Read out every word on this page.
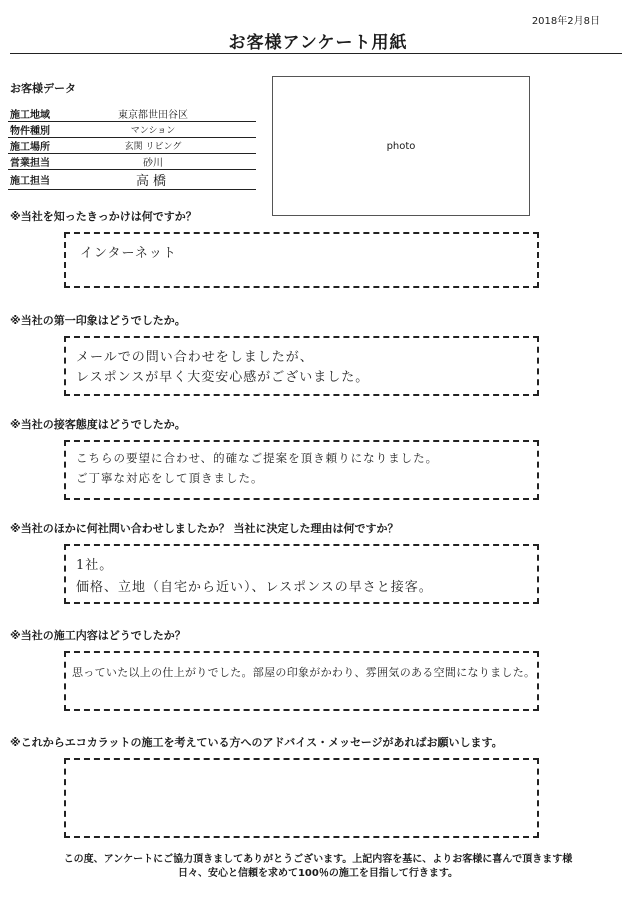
2018年2月8日
お客様アンケート用紙
お客様データ
施工地域	東京都世田谷区
物件種別	マンション
施工場所	玄関 リビング
営業担当	砂川
施工担当	高橋
photo
※当社を知ったきっかけは何ですか？
インターネット
※当社の第一印象はどうでしたか。
メールでの問い合わせをしましたが、
レスポンスが早く大変安心感がございました。
※当社の接客態度はどうでしたか。
こちらの要望に合わせ、的確なご提案を頂き頼りになりました。
ご丁寧な対応をして頂きました。
※当社のほかに何社問い合わせしましたか？ 当社に決定した理由は何ですか？
1社。
価格、立地（自宅から近い）、レスポンスの早さと接客。
※当社の施工内容はどうでしたか？
思っていた以上の仕上がりでした。部屋の印象がかわり、雰囲気のある空間になりました。
※これからエコカラットの施工を考えている方へのアドバイス・メッセージがあればお願いします。
この度、アンケートにご協力頂きましてありがとうございます。上記内容を基に、よりお客様に喜んで頂きます様
日々、安心と信頼を求めて100％の施工を目指して行きます。
